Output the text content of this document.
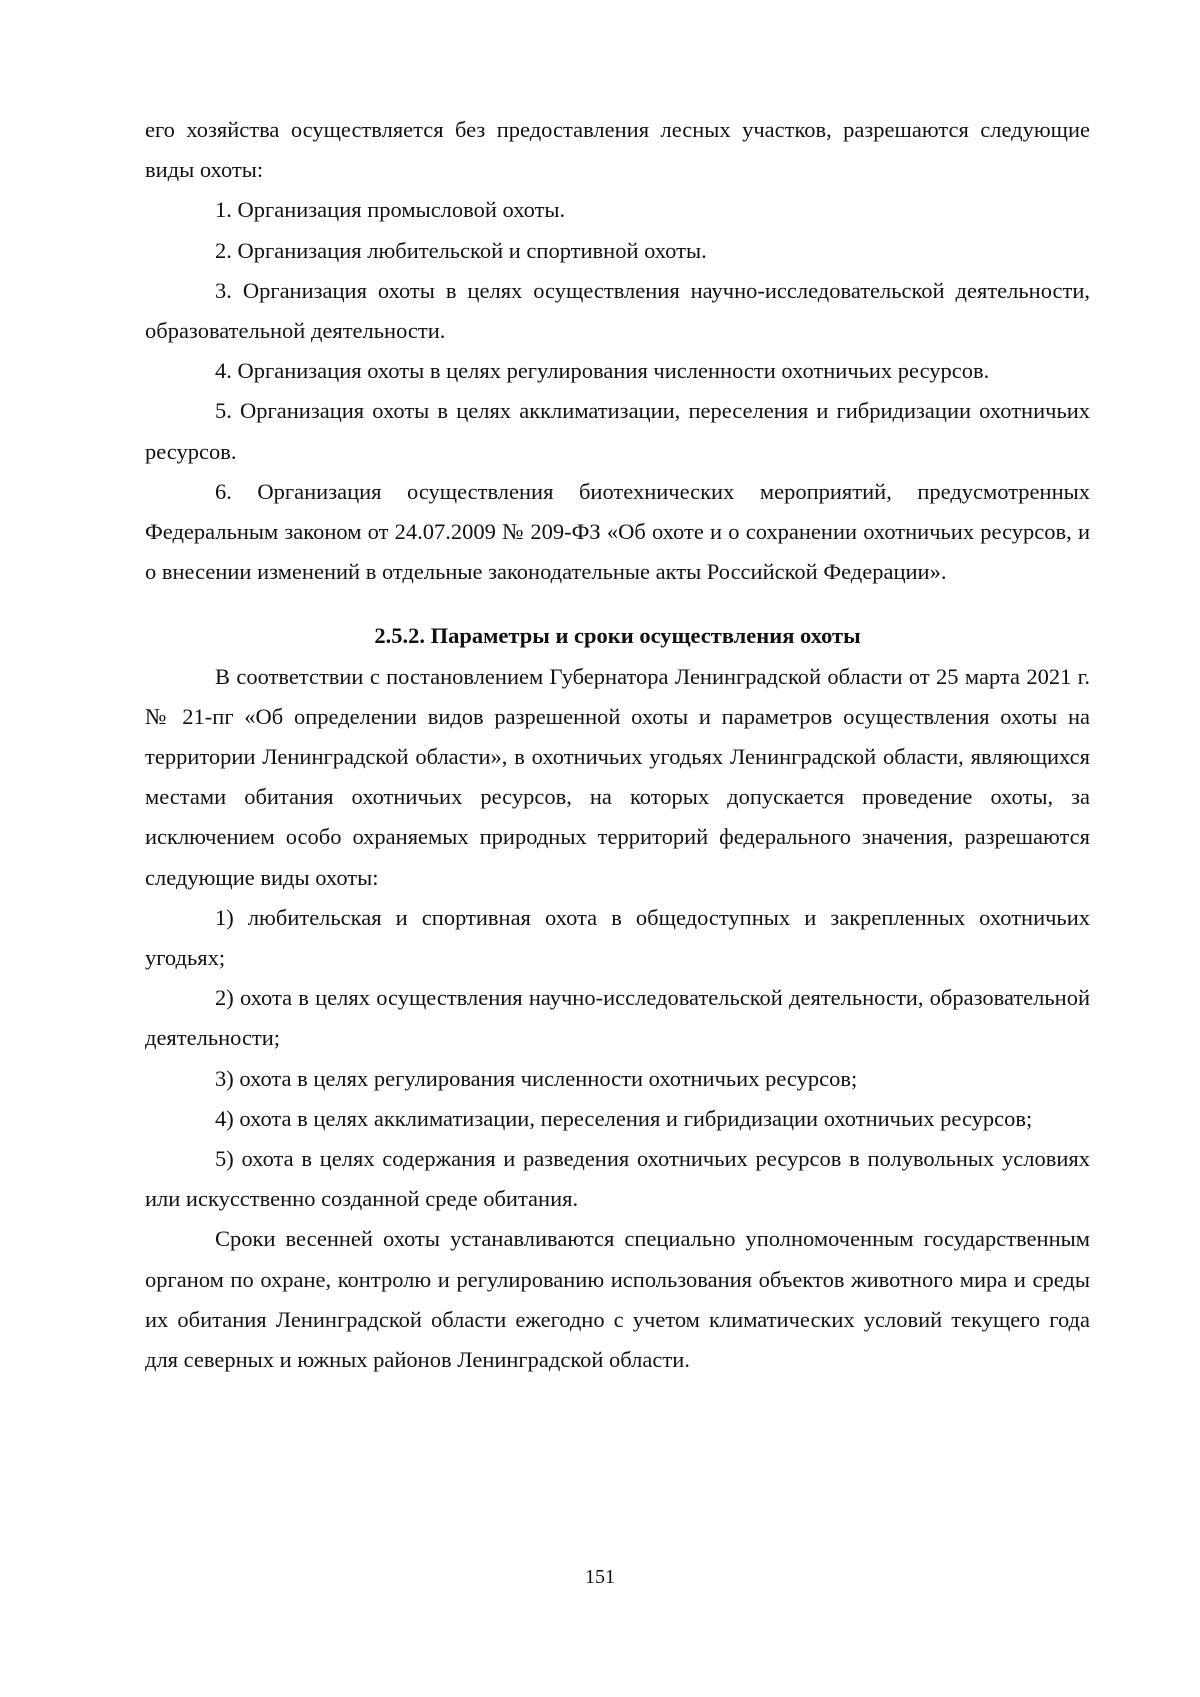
его хозяйства осуществляется без предоставления лесных участков, разрешаются следующие виды охоты:

1. Организация промысловой охоты.

2. Организация любительской и спортивной охоты.

3. Организация охоты в целях осуществления научно-исследовательской деятельности, образовательной деятельности.

4. Организация охоты в целях регулирования численности охотничьих ресурсов.

5. Организация охоты в целях акклиматизации, переселения и гибридизации охотничьих ресурсов.

6. Организация осуществления биотехнических мероприятий, предусмотренных Федеральным законом от 24.07.2009 № 209-ФЗ «Об охоте и о сохранении охотничьих ресурсов, и о внесении изменений в отдельные законодательные акты Российской Федерации».

2.5.2. Параметры и сроки осуществления охоты

В соответствии с постановлением Губернатора Ленинградской области от 25 марта 2021 г. № 21-пг «Об определении видов разрешенной охоты и параметров осуществления охоты на территории Ленинградской области», в охотничьих угодьях Ленинградской области, являющихся местами обитания охотничьих ресурсов, на которых допускается проведение охоты, за исключением особо охраняемых природных территорий федерального значения, разрешаются следующие виды охоты:

1) любительская и спортивная охота в общедоступных и закрепленных охотничьих угодьях;

2) охота в целях осуществления научно-исследовательской деятельности, образовательной деятельности;

3) охота в целях регулирования численности охотничьих ресурсов;

4) охота в целях акклиматизации, переселения и гибридизации охотничьих ресурсов;

5) охота в целях содержания и разведения охотничьих ресурсов в полувольных условиях или искусственно созданной среде обитания.

Сроки весенней охоты устанавливаются специально уполномоченным государственным органом по охране, контролю и регулированию использования объектов животного мира и среды их обитания Ленинградской области ежегодно с учетом климатических условий текущего года для северных и южных районов Ленинградской области.

151
